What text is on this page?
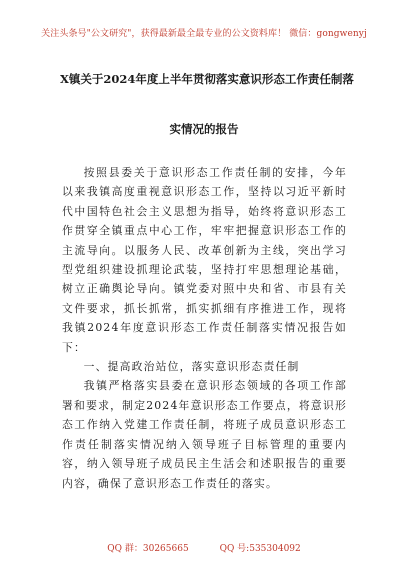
关注头条号"公文研究"，获得最新最全最专业的公文资料库！ 微信：gongwenyj
X镇关于2024年度上半年贯彻落实意识形态工作责任制落
实情况的报告

按照县委关于意识形态工作责任制的安排，今年以来我镇高度重视意识形态工作，坚持以习近平新时代中国特色社会主义思想为指导，始终将意识形态工作贯穿全镇重点中心工作，牢牢把握意识形态工作的主流导向。以服务人民、改革创新为主线，突出学习型党组织建设抓理论武装，坚持打牢思想理论基础，树立正确舆论导向。镇党委对照中央和省、市县有关文件要求，抓长抓常，抓实抓细有序推进工作，现将我镇2024年度意识形态工作责任制落实情况报告如下：

一、提高政治站位，落实意识形态责任制

我镇严格落实县委在意识形态领域的各项工作部署和要求，制定2024年意识形态工作要点，将意识形态工作纳入党建工作责任制，将班子成员意识形态工作责任制落实情况纳入领导班子目标管理的重要内容，纳入领导班子成员民主生活会和述职报告的重要内容，确保了意识形态工作责任的落实。

QQ 群：30265665	QQ 号:535304092
